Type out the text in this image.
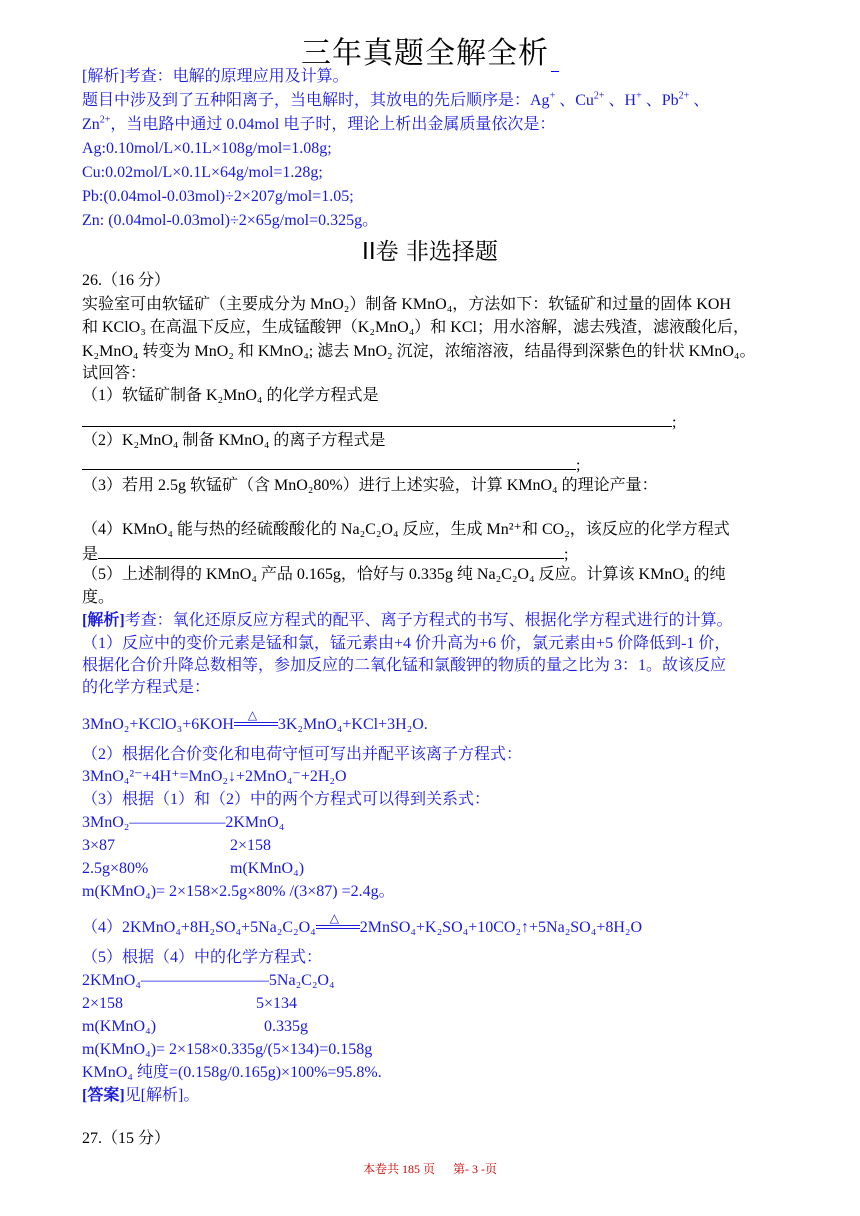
三年真题全解全析
[解析]考查：电解的原理应用及计算。
题目中涉及到了五种阳离子，当电解时，其放电的先后顺序是：Ag+ 、$Cu^{2+}$ 、H+ 、$Pb^{2+}$ 、
$Zn^{2+}$，当电路中通过 0.04mol 电子时，理论上析出金属质量依次是：
Ag:0.10mol/L×0.1L×108g/mol=1.08g;
Cu:0.02mol/L×0.1L×64g/mol=1.28g;
Pb:(0.04mol-0.03mol)÷2×207g/mol=1.05;
Zn: (0.04mol-0.03mol)÷2×65g/mol=0.325g。
II卷 非选择题
26.（16 分）
实验室可由软锰矿（主要成分为 MnO₂）制备 KMnO₄，方法如下：软锰矿和过量的固体 KOH
和 KClO₃ 在高温下反应，生成锰酸钾（K₂MnO₄）和 KCl；用水溶解，滤去残渣，滤液酸化后，
K₂MnO₄ 转变为 MnO₂ 和 KMnO₄; 滤去 MnO₂ 沉淀，浓缩溶液，结晶得到深紫色的针状 KMnO₄。
试回答：
（1）软锰矿制备 K₂MnO₄ 的化学方程式是
;
（2）K₂MnO₄ 制备 KMnO₄ 的离子方程式是
;
（3）若用 2.5g 软锰矿（含 MnO₂80%）进行上述实验，计算 KMnO₄ 的理论产量：
（4）KMnO₄ 能与热的经硫酸酸化的 Na₂C₂O₄ 反应，生成 Mn²⁺和 CO₂，该反应的化学方程式
是	;
（5）上述制得的 KMnO₄ 产品 0.165g，恰好与 0.335g 纯 Na₂C₂O₄ 反应。计算该 KMnO₄ 的纯
度。
[解析]考查：氧化还原反应方程式的配平、离子方程式的书写、根据化学方程式进行的计算。
（1）反应中的变价元素是锰和氯，锰元素由+4 价升高为+6 价，氯元素由+5 价降低到-1 价，
根据化合价升降总数相等，参加反应的二氧化锰和氯酸钾的物质的量之比为 3：1。故该反应
的化学方程式是：
3MnO₂+KClO₃+6KOH
△
3K₂MnO₄+KCl+3H₂O.
（2）根据化合价变化和电荷守恒可写出并配平该离子方程式：
3MnO₄²⁻+4H⁺=MnO₂↓+2MnO₄⁻+2H₂O
（3）根据（1）和（2）中的两个方程式可以得到关系式：
3MnO₂——————2KMnO₄
3×87	2×158
2.5g×80%	m(KMnO₄)
m(KMnO₄)= 2×158×2.5g×80% /(3×87) =2.4g。
（4）2KMnO₄+8H₂SO₄+5Na₂C₂O₄
△
2MnSO₄+K₂SO₄+10CO₂↑+5Na₂SO₄+8H₂O
（5）根据（4）中的化学方程式：
2KMnO₄————————5Na₂C₂O₄
2×158	5×134
m(KMnO₄)	0.335g
m(KMnO₄)= 2×158×0.335g/(5×134)=0.158g
KMnO₄ 纯度=(0.158g/0.165g)×100%=95.8%.
[答案]见[解析]。
27.（15 分）
本卷共 185 页 第- 3 -页
